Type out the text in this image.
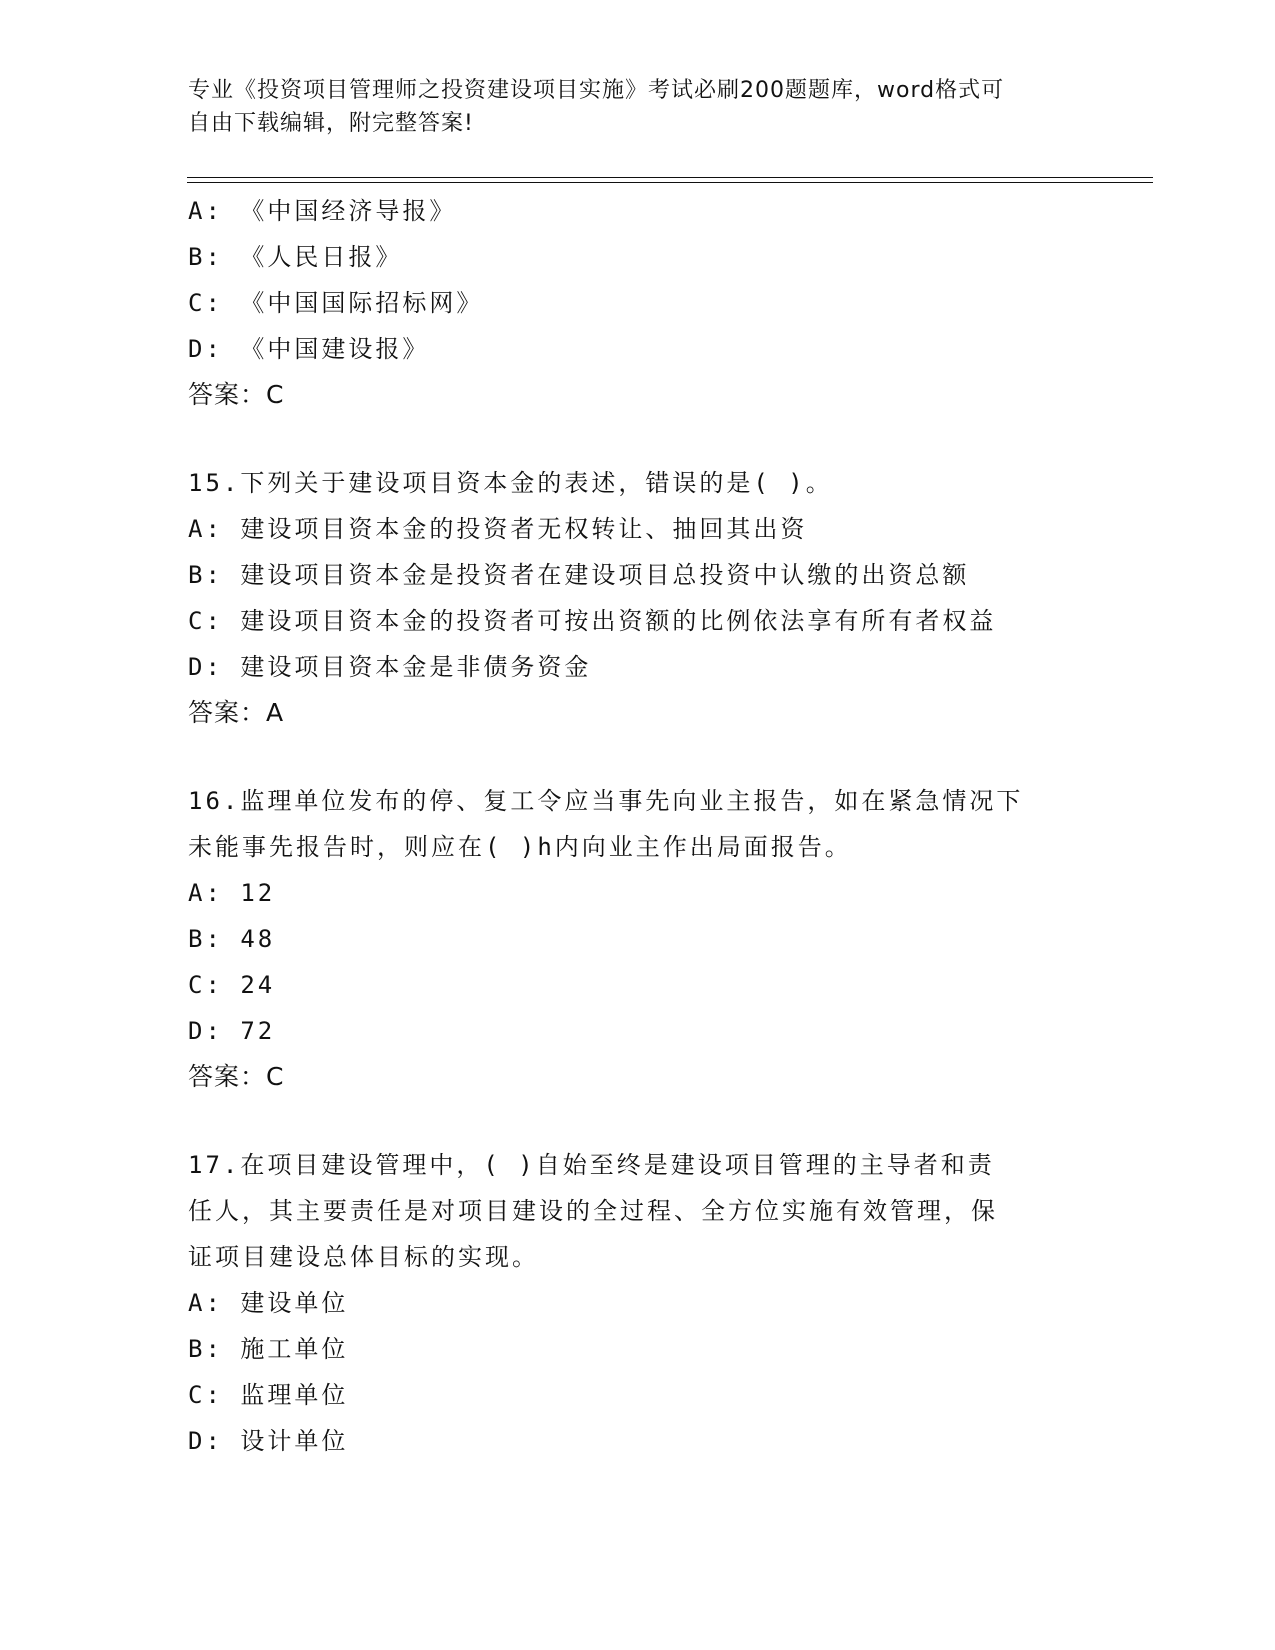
专业《投资项目管理师之投资建设项目实施》考试必刷200题题库，word格式可
自由下载编辑，附完整答案!
A: 《中国经济导报》
B: 《人民日报》
C: 《中国国际招标网》
D: 《中国建设报》
答案：C
15.下列关于建设项目资本金的表述，错误的是( )。
A: 建设项目资本金的投资者无权转让、抽回其出资
B: 建设项目资本金是投资者在建设项目总投资中认缴的出资总额
C: 建设项目资本金的投资者可按出资额的比例依法享有所有者权益
D: 建设项目资本金是非债务资金
答案：A
16.监理单位发布的停、复工令应当事先向业主报告，如在紧急情况下
未能事先报告时，则应在( )h内向业主作出局面报告。
A: 12
B: 48
C: 24
D: 72
答案：C
17.在项目建设管理中，( )自始至终是建设项目管理的主导者和责
任人，其主要责任是对项目建设的全过程、全方位实施有效管理，保
证项目建设总体目标的实现。
A: 建设单位
B: 施工单位
C: 监理单位
D: 设计单位
